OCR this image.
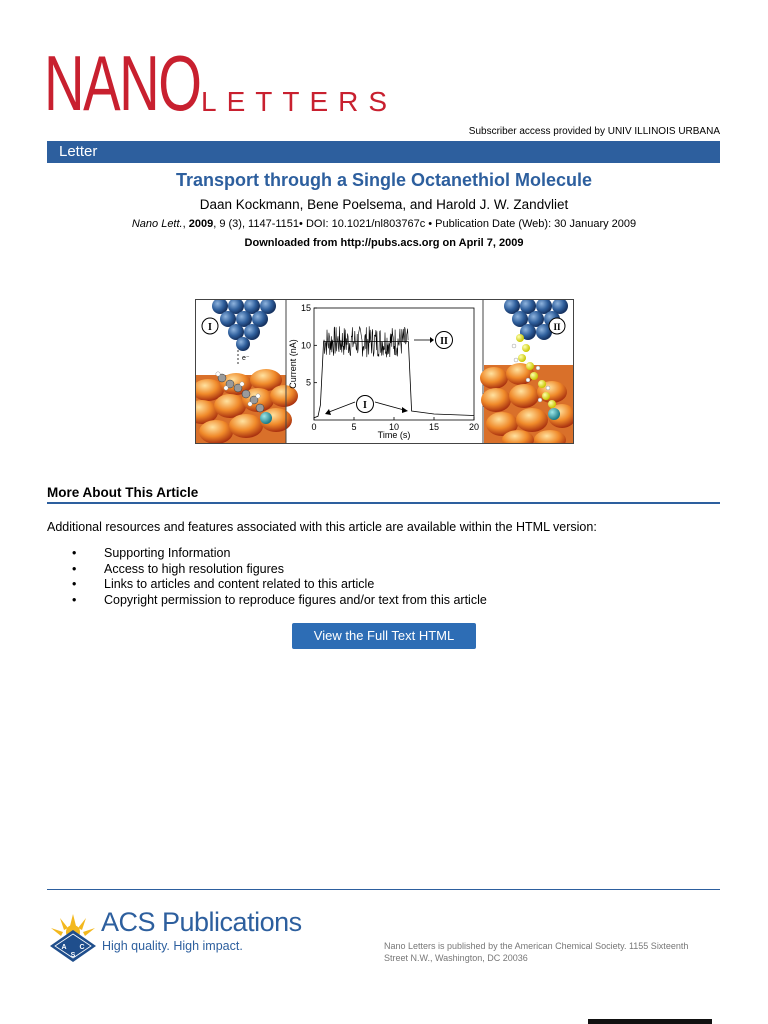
NANO LETTERS
Subscriber access provided by UNIV ILLINOIS URBANA
Letter
Transport through a Single Octanethiol Molecule
Daan Kockmann, Bene Poelsema, and Harold J. W. Zandvliet
Nano Lett., 2009, 9 (3), 1147-1151• DOI: 10.1021/nl803767c • Publication Date (Web): 30 January 2009
Downloaded from http://pubs.acs.org on April 7, 2009
I
e⁻
0	5	10	15	20
5
10
15
Time (s)
Current (nA)	II
I
II
More About This Article
Additional resources and features associated with this article are available within the HTML version:
• Supporting Information
• Access to high resolution figures
• Links to articles and content related to this article
• Copyright permission to reproduce figures and/or text from this article
View the Full Text HTML
A C
S
ACS Publications
High quality. High impact.	Nano Letters is published by the American Chemical Society. 1155 Sixteenth Street N.W., Washington, DC 20036
